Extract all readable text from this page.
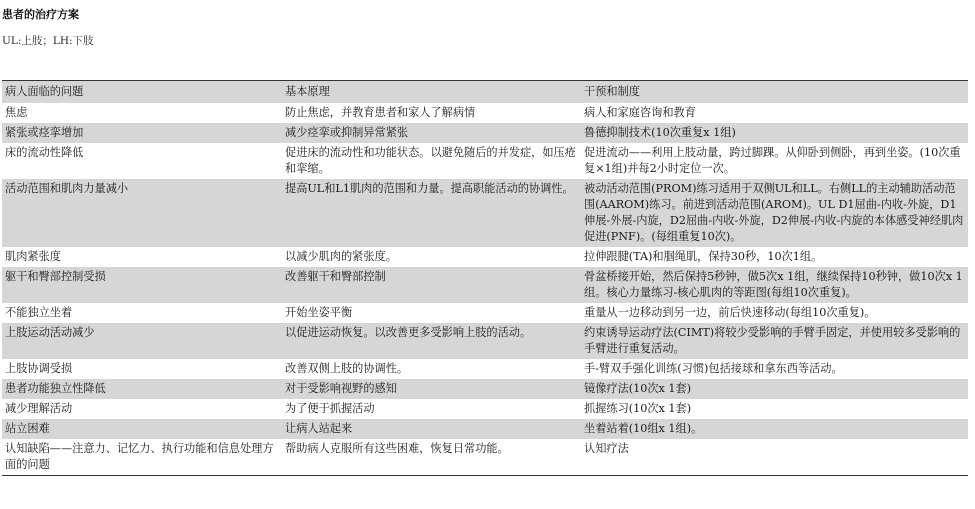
患者的治疗方案
UL:上肢；LH:下肢
病人面临的问题	基本原理	干预和制度
焦虑	防止焦虑，并教育患者和家人了解病情	病人和家庭咨询和教育
紧张或痉挛增加	减少痉挛或抑制异常紧张	鲁德抑制技术(10次重复x 1组)
床的流动性降低	促进床的流动性和功能状态。以避免随后的并发症，如压疮和挛缩。	促进流动——利用上肢动量，跨过脚踝。从仰卧到侧卧，再到坐姿。(10次重复×1组)并每2小时定位一次。
活动范围和肌肉力量减小	提高UL和L1肌肉的范围和力量。提高职能活动的协调性。	被动活动范围(PROM)练习适用于双侧UL和LL。右侧LL的主动辅助活动范围(AAROM)练习。前进到活动范围(AROM)。UL D1屈曲-内收-外旋，D1伸展-外展-内旋，D2屈曲-内收-外旋，D2伸展-内收-内旋的本体感受神经肌肉促进(PNF)。(每组重复10次)。
肌肉紧张度	以减少肌肉的紧张度。	拉伸跟腱(TA)和腘绳肌，保持30秒，10次1组。
躯干和臀部控制受损	改善躯干和臀部控制	骨盆桥接开始，然后保持5秒钟，做5次x 1组，继续保持10秒钟，做10次x 1组。核心力量练习-核心肌肉的等距图(每组10次重复)。
不能独立坐着	开始坐姿平衡	重量从一边移动到另一边，前后快速移动(每组10次重复)。
上肢运动活动减少	以促进运动恢复。以改善更多受影响上肢的活动。	约束诱导运动疗法(CIMT)将较少受影响的手臂手固定，并使用较多受影响的手臂进行重复活动。
上肢协调受损	改善双侧上肢的协调性。	手-臂双手强化训练(习惯)包括接球和拿东西等活动。
患者功能独立性降低	对于受影响视野的感知	镜像疗法(10次x 1套)
减少理解活动	为了便于抓握活动	抓握练习(10次x 1套)
站立困难	让病人站起来	坐着站着(10组x 1组)。
认知缺陷——注意力、记忆力、执行功能和信息处理方面的问题	帮助病人克服所有这些困难，恢复日常功能。	认知疗法
